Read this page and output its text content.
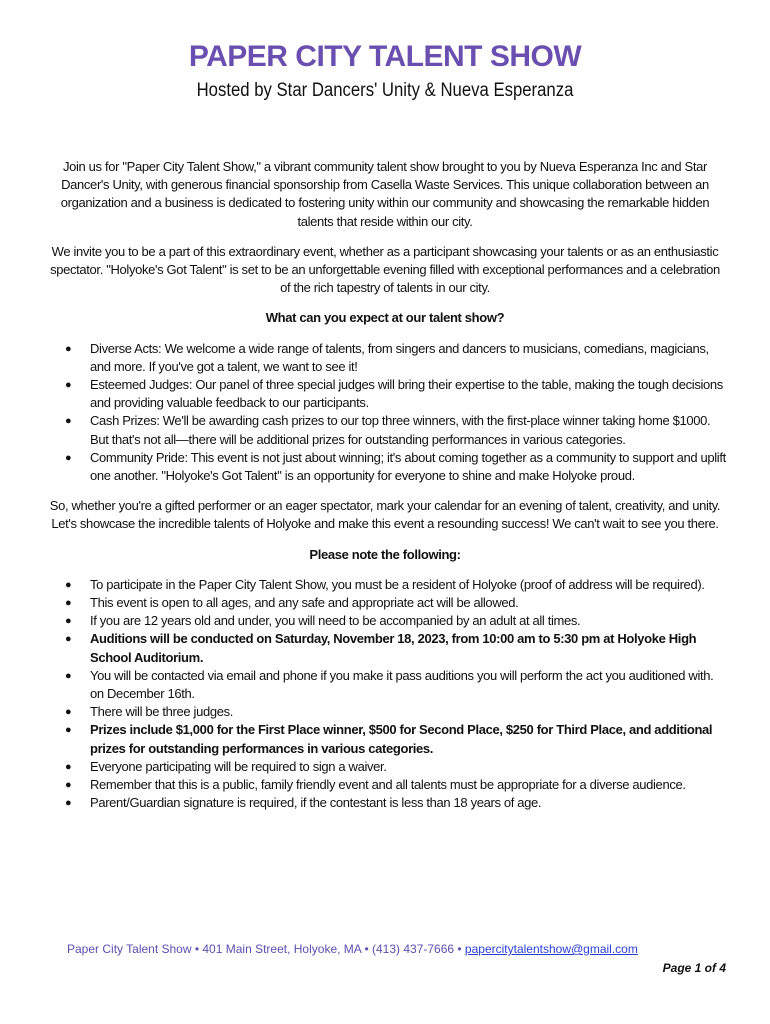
PAPER CITY TALENT SHOW
Hosted by Star Dancers' Unity & Nueva Esperanza

Join us for "Paper City Talent Show," a vibrant community talent show brought to you by Nueva Esperanza Inc and Star Dancer's Unity, with generous financial sponsorship from Casella Waste Services. This unique collaboration between an organization and a business is dedicated to fostering unity within our community and showcasing the remarkable hidden talents that reside within our city.

We invite you to be a part of this extraordinary event, whether as a participant showcasing your talents or as an enthusiastic spectator. "Holyoke's Got Talent" is set to be an unforgettable evening filled with exceptional performances and a celebration of the rich tapestry of talents in our city.

What can you expect at our talent show?
● Diverse Acts: We welcome a wide range of talents, from singers and dancers to musicians, comedians, magicians, and more. If you've got a talent, we want to see it!
● Esteemed Judges: Our panel of three special judges will bring their expertise to the table, making the tough decisions and providing valuable feedback to our participants.
● Cash Prizes: We'll be awarding cash prizes to our top three winners, with the first-place winner taking home $1000. But that's not all—there will be additional prizes for outstanding performances in various categories.
● Community Pride: This event is not just about winning; it's about coming together as a community to support and uplift one another. "Holyoke's Got Talent" is an opportunity for everyone to shine and make Holyoke proud.

So, whether you're a gifted performer or an eager spectator, mark your calendar for an evening of talent, creativity, and unity. Let's showcase the incredible talents of Holyoke and make this event a resounding success! We can't wait to see you there.

Please note the following:
● To participate in the Paper City Talent Show, you must be a resident of Holyoke (proof of address will be required).
● This event is open to all ages, and any safe and appropriate act will be allowed.
● If you are 12 years old and under, you will need to be accompanied by an adult at all times.
● Auditions will be conducted on Saturday, November 18, 2023, from 10:00 am to 5:30 pm at Holyoke High School Auditorium.
● You will be contacted via email and phone if you make it pass auditions you will perform the act you auditioned with. on December 16th.
● There will be three judges.
● Prizes include $1,000 for the First Place winner, $500 for Second Place, $250 for Third Place, and additional prizes for outstanding performances in various categories.
● Everyone participating will be required to sign a waiver.
● Remember that this is a public, family friendly event and all talents must be appropriate for a diverse audience.
● Parent/Guardian signature is required, if the contestant is less than 18 years of age.
Paper City Talent Show • 401 Main Street, Holyoke, MA • (413) 437-7666 • papercitytalentshow@gmail.com
Page 1 of 4
